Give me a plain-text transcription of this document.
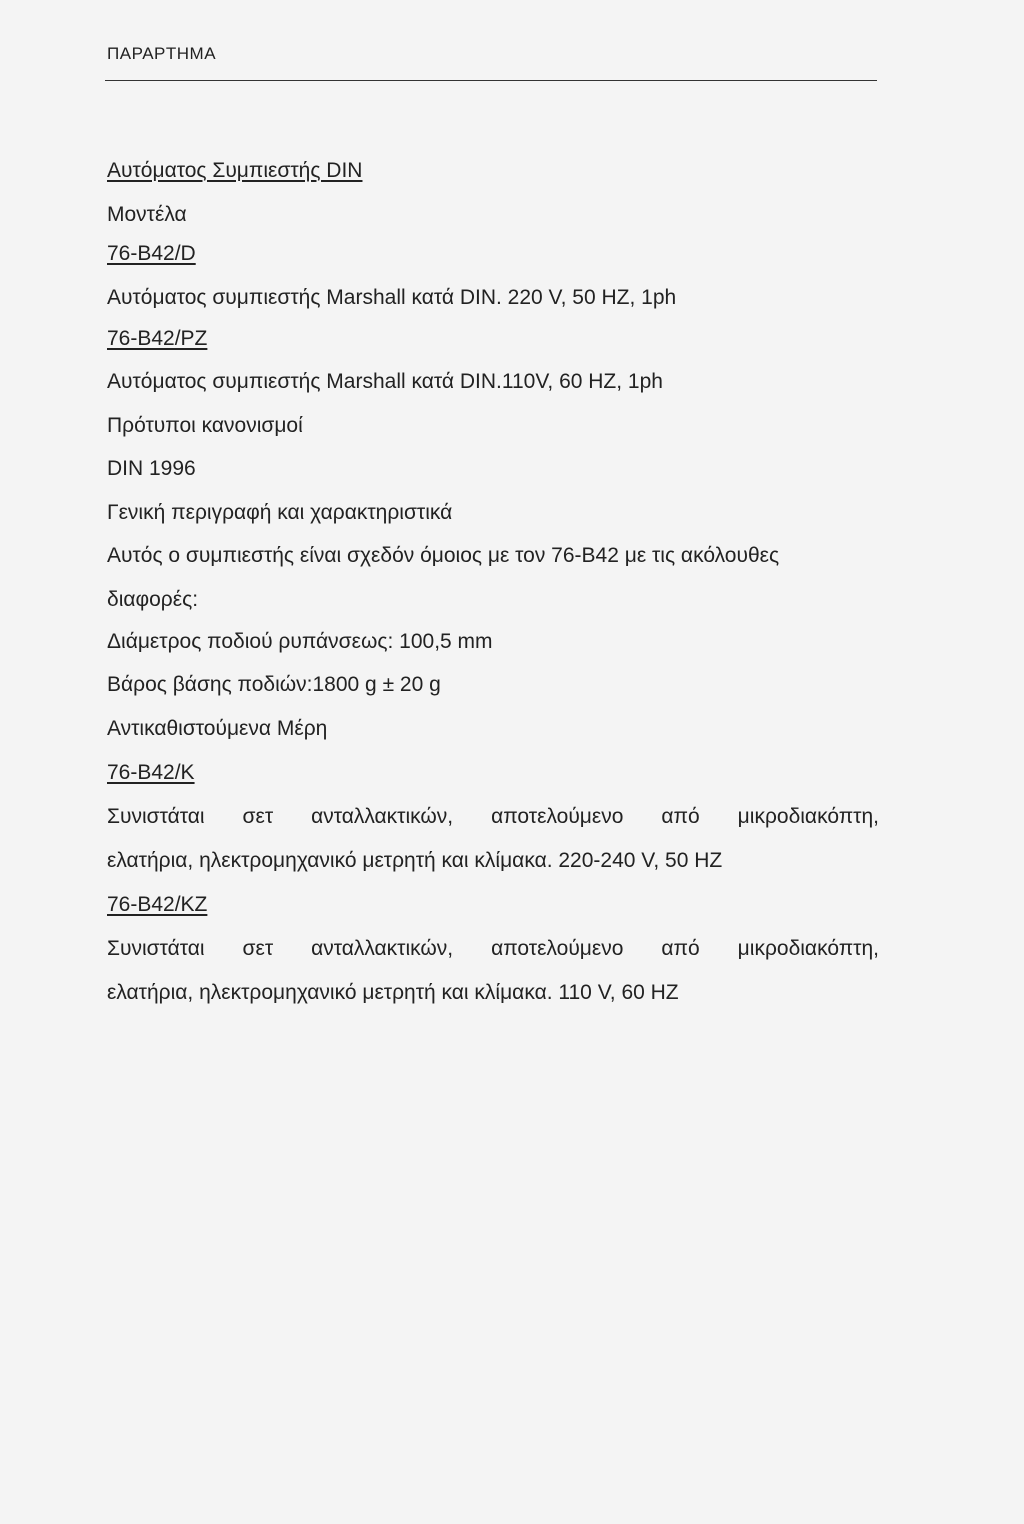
ΠΑΡΑΡΤΗΜΑ
Αυτόματος Συμπιεστής DIN
Μοντέλα
76-B42/D
Αυτόματος συμπιεστής Marshall κατά DIN. 220 V, 50 HZ, 1ph
76-B42/PZ
Αυτόματος συμπιεστής Marshall κατά DIN.110V, 60 HZ, 1ph
Πρότυποι κανονισμοί
DIN 1996
Γενική περιγραφή και χαρακτηριστικά
Αυτός ο συμπιεστής είναι σχεδόν όμοιος με τον 76-B42 με τις ακόλουθες
διαφορές:
Διάμετρος ποδιού ρυπάνσεως: 100,5 mm
Βάρος βάσης ποδιών:1800 g ± 20 g
Αντικαθιστούμενα Μέρη
76-B42/K
Συνιστάται σετ ανταλλακτικών, αποτελούμενο από μικροδιακόπτη,
ελατήρια, ηλεκτρομηχανικό μετρητή και κλίμακα. 220-240 V, 50 HZ
76-B42/KZ
Συνιστάται σετ ανταλλακτικών, αποτελούμενο από μικροδιακόπτη,
ελατήρια, ηλεκτρομηχανικό μετρητή και κλίμακα. 110 V, 60 HZ
